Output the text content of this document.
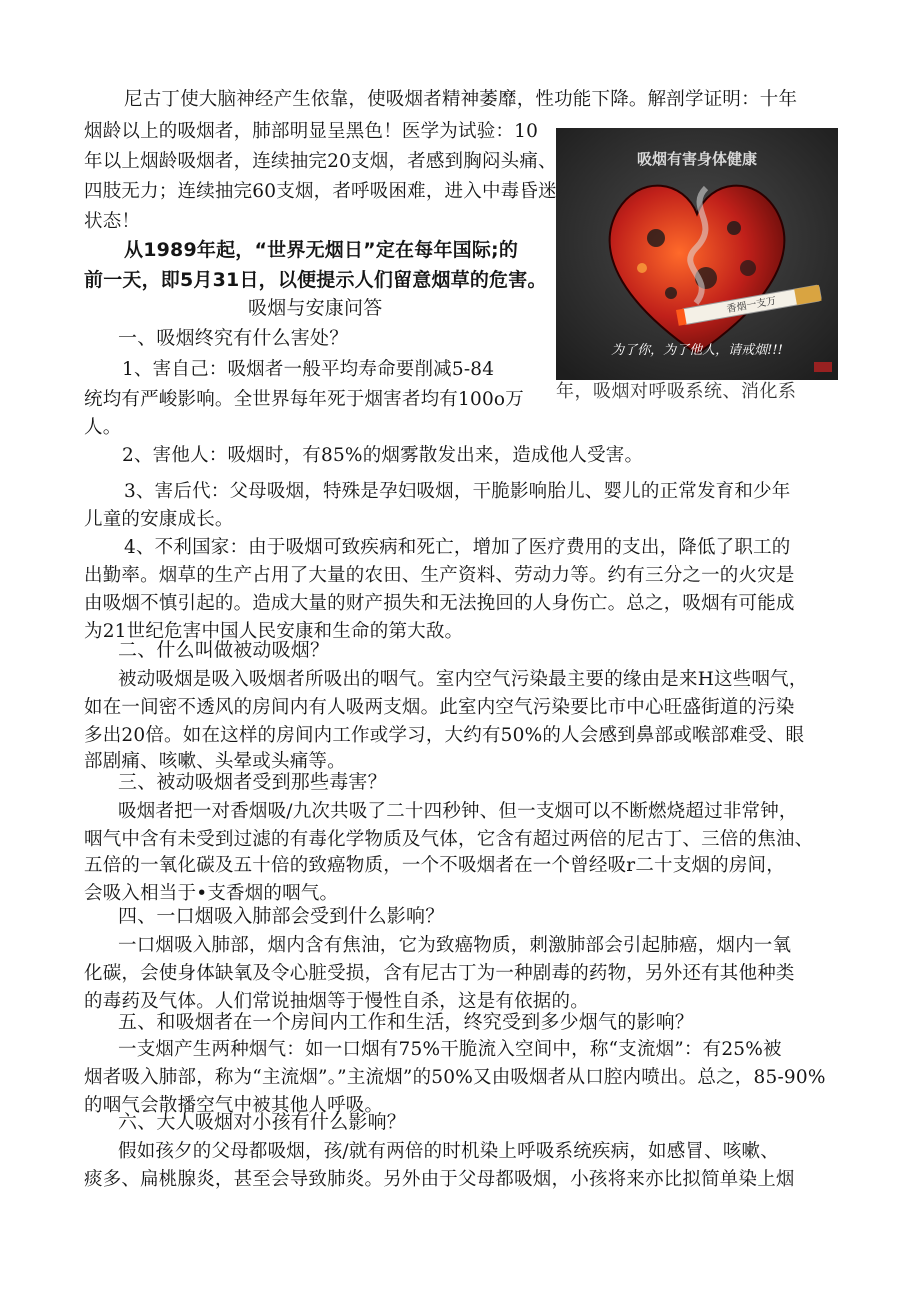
吸烟有害身体健康
香烟一支万
为了你，为了他人，请戒烟!!!
尼古丁使大脑神经产生依靠，使吸烟者精神萎靡，性功能下降。解剖学证明：十年
烟龄以上的吸烟者，肺部明显呈黑色！医学为试验：10
年以上烟龄吸烟者，连续抽完20支烟，者感到胸闷头痛、
四肢无力；连续抽完60支烟，者呼吸困难，进入中毒昏迷
状态！
从1989年起，“世界无烟日”定在每年国际;的
前一天，即5月31日，以便提示人们留意烟草的危害。
吸烟与安康问答
一、吸烟终究有什么害处？
1、害自己：吸烟者一般平均寿命要削减5-84
年，吸烟对呼吸系统、消化系
统均有严峻影响。全世界每年死于烟害者均有100o万
人。
2、害他人：吸烟时，有85%的烟雾散发出来，造成他人受害。
3、害后代：父母吸烟，特殊是孕妇吸烟，干脆影响胎儿、婴儿的正常发育和少年
儿童的安康成长。
4、不利国家：由于吸烟可致疾病和死亡，增加了医疗费用的支出，降低了职工的
出勤率。烟草的生产占用了大量的农田、生产资料、劳动力等。约有三分之一的火灾是
由吸烟不慎引起的。造成大量的财产损失和无法挽回的人身伤亡。总之，吸烟有可能成
为21世纪危害中国人民安康和生命的第大敌。
二、什么叫做被动吸烟？
被动吸烟是吸入吸烟者所吸出的咽气。室内空气污染最主要的缘由是来H这些咽气，
如在一间密不透风的房间内有人吸两支烟。此室内空气污染要比市中心旺盛街道的污染
多出20倍。如在这样的房间内工作或学习，大约有50%的人会感到鼻部或喉部难受、眼
部剧痛、咳嗽、头晕或头痛等。
三、被动吸烟者受到那些毒害？
吸烟者把一对香烟吸/九次共吸了二十四秒钟、但一支烟可以不断燃烧超过非常钟，
咽气中含有未受到过滤的有毒化学物质及气体，它含有超过两倍的尼古丁、三倍的焦油、
五倍的一氧化碳及五十倍的致癌物质，一个不吸烟者在一个曾经吸r二十支烟的房间，
会吸入相当于•支香烟的咽气。
四、一口烟吸入肺部会受到什么影响？
一口烟吸入肺部，烟内含有焦油，它为致癌物质，刺激肺部会引起肺癌，烟内一氧
化碳，会使身体缺氧及令心脏受损，含有尼古丁为一种剧毒的药物，另外还有其他种类
的毒药及气体。人们常说抽烟等于慢性自杀，这是有依据的。
五、和吸烟者在一个房间内工作和生活，终究受到多少烟气的影响？
一支烟产生两种烟气：如一口烟有75%干脆流入空间中，称“支流烟”：有25%被
烟者吸入肺部，称为“主流烟”。”主流烟”的50%又由吸烟者从口腔内喷出。总之，85-90%
的咽气会散播空气中被其他人呼吸。
六、大人吸烟对小孩有什么影响？
假如孩夕的父母都吸烟，孩/就有两倍的时机染上呼吸系统疾病，如感冒、咳嗽、
痰多、扁桃腺炎，甚至会导致肺炎。另外由于父母都吸烟，小孩将来亦比拟简单染上烟
